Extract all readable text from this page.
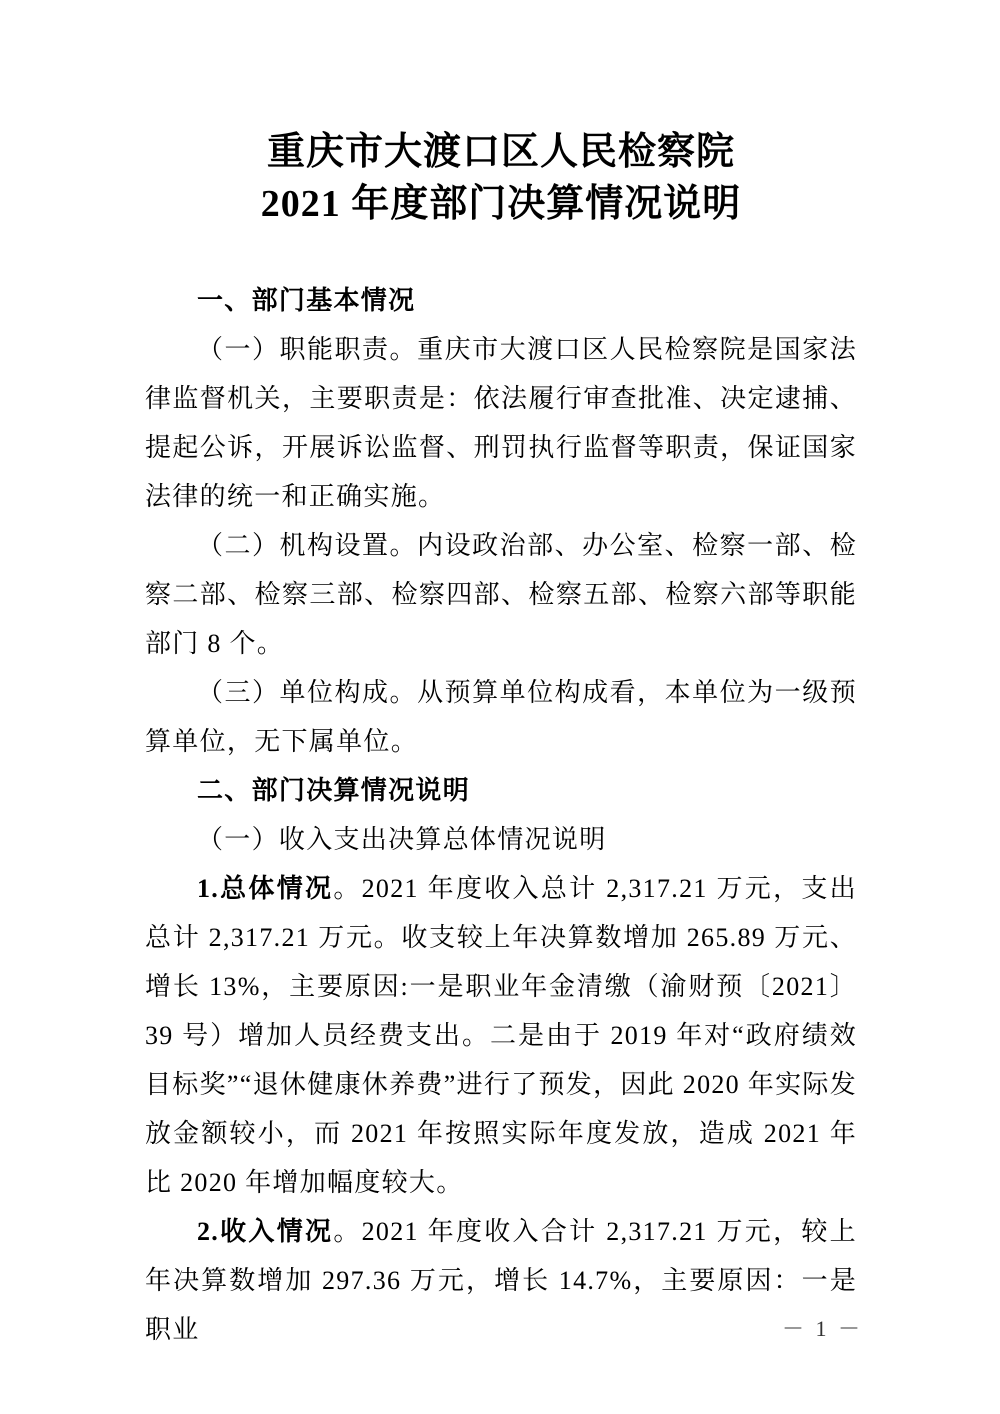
重庆市大渡口区人民检察院
2021 年度部门决算情况说明

一、部门基本情况

（一）职能职责。重庆市大渡口区人民检察院是国家法律监督机关，主要职责是：依法履行审查批准、决定逮捕、提起公诉，开展诉讼监督、刑罚执行监督等职责，保证国家法律的统一和正确实施。

（二）机构设置。内设政治部、办公室、检察一部、检察二部、检察三部、检察四部、检察五部、检察六部等职能部门 8 个。

（三）单位构成。从预算单位构成看，本单位为一级预算单位，无下属单位。

二、部门决算情况说明

（一）收入支出决算总体情况说明

1.总体情况。2021 年度收入总计 2,317.21 万元，支出总计 2,317.21 万元。收支较上年决算数增加 265.89 万元、增长 13%，主要原因:一是职业年金清缴（渝财预〔2021〕39 号）增加人员经费支出。二是由于 2019 年对“政府绩效目标奖”“退休健康休养费”进行了预发，因此 2020 年实际发放金额较小，而 2021 年按照实际年度发放，造成 2021 年比 2020 年增加幅度较大。

2.收入情况。2021 年度收入合计 2,317.21 万元，较上年决算数增加 297.36 万元，增长 14.7%，主要原因：一是职业	－ 1 －
